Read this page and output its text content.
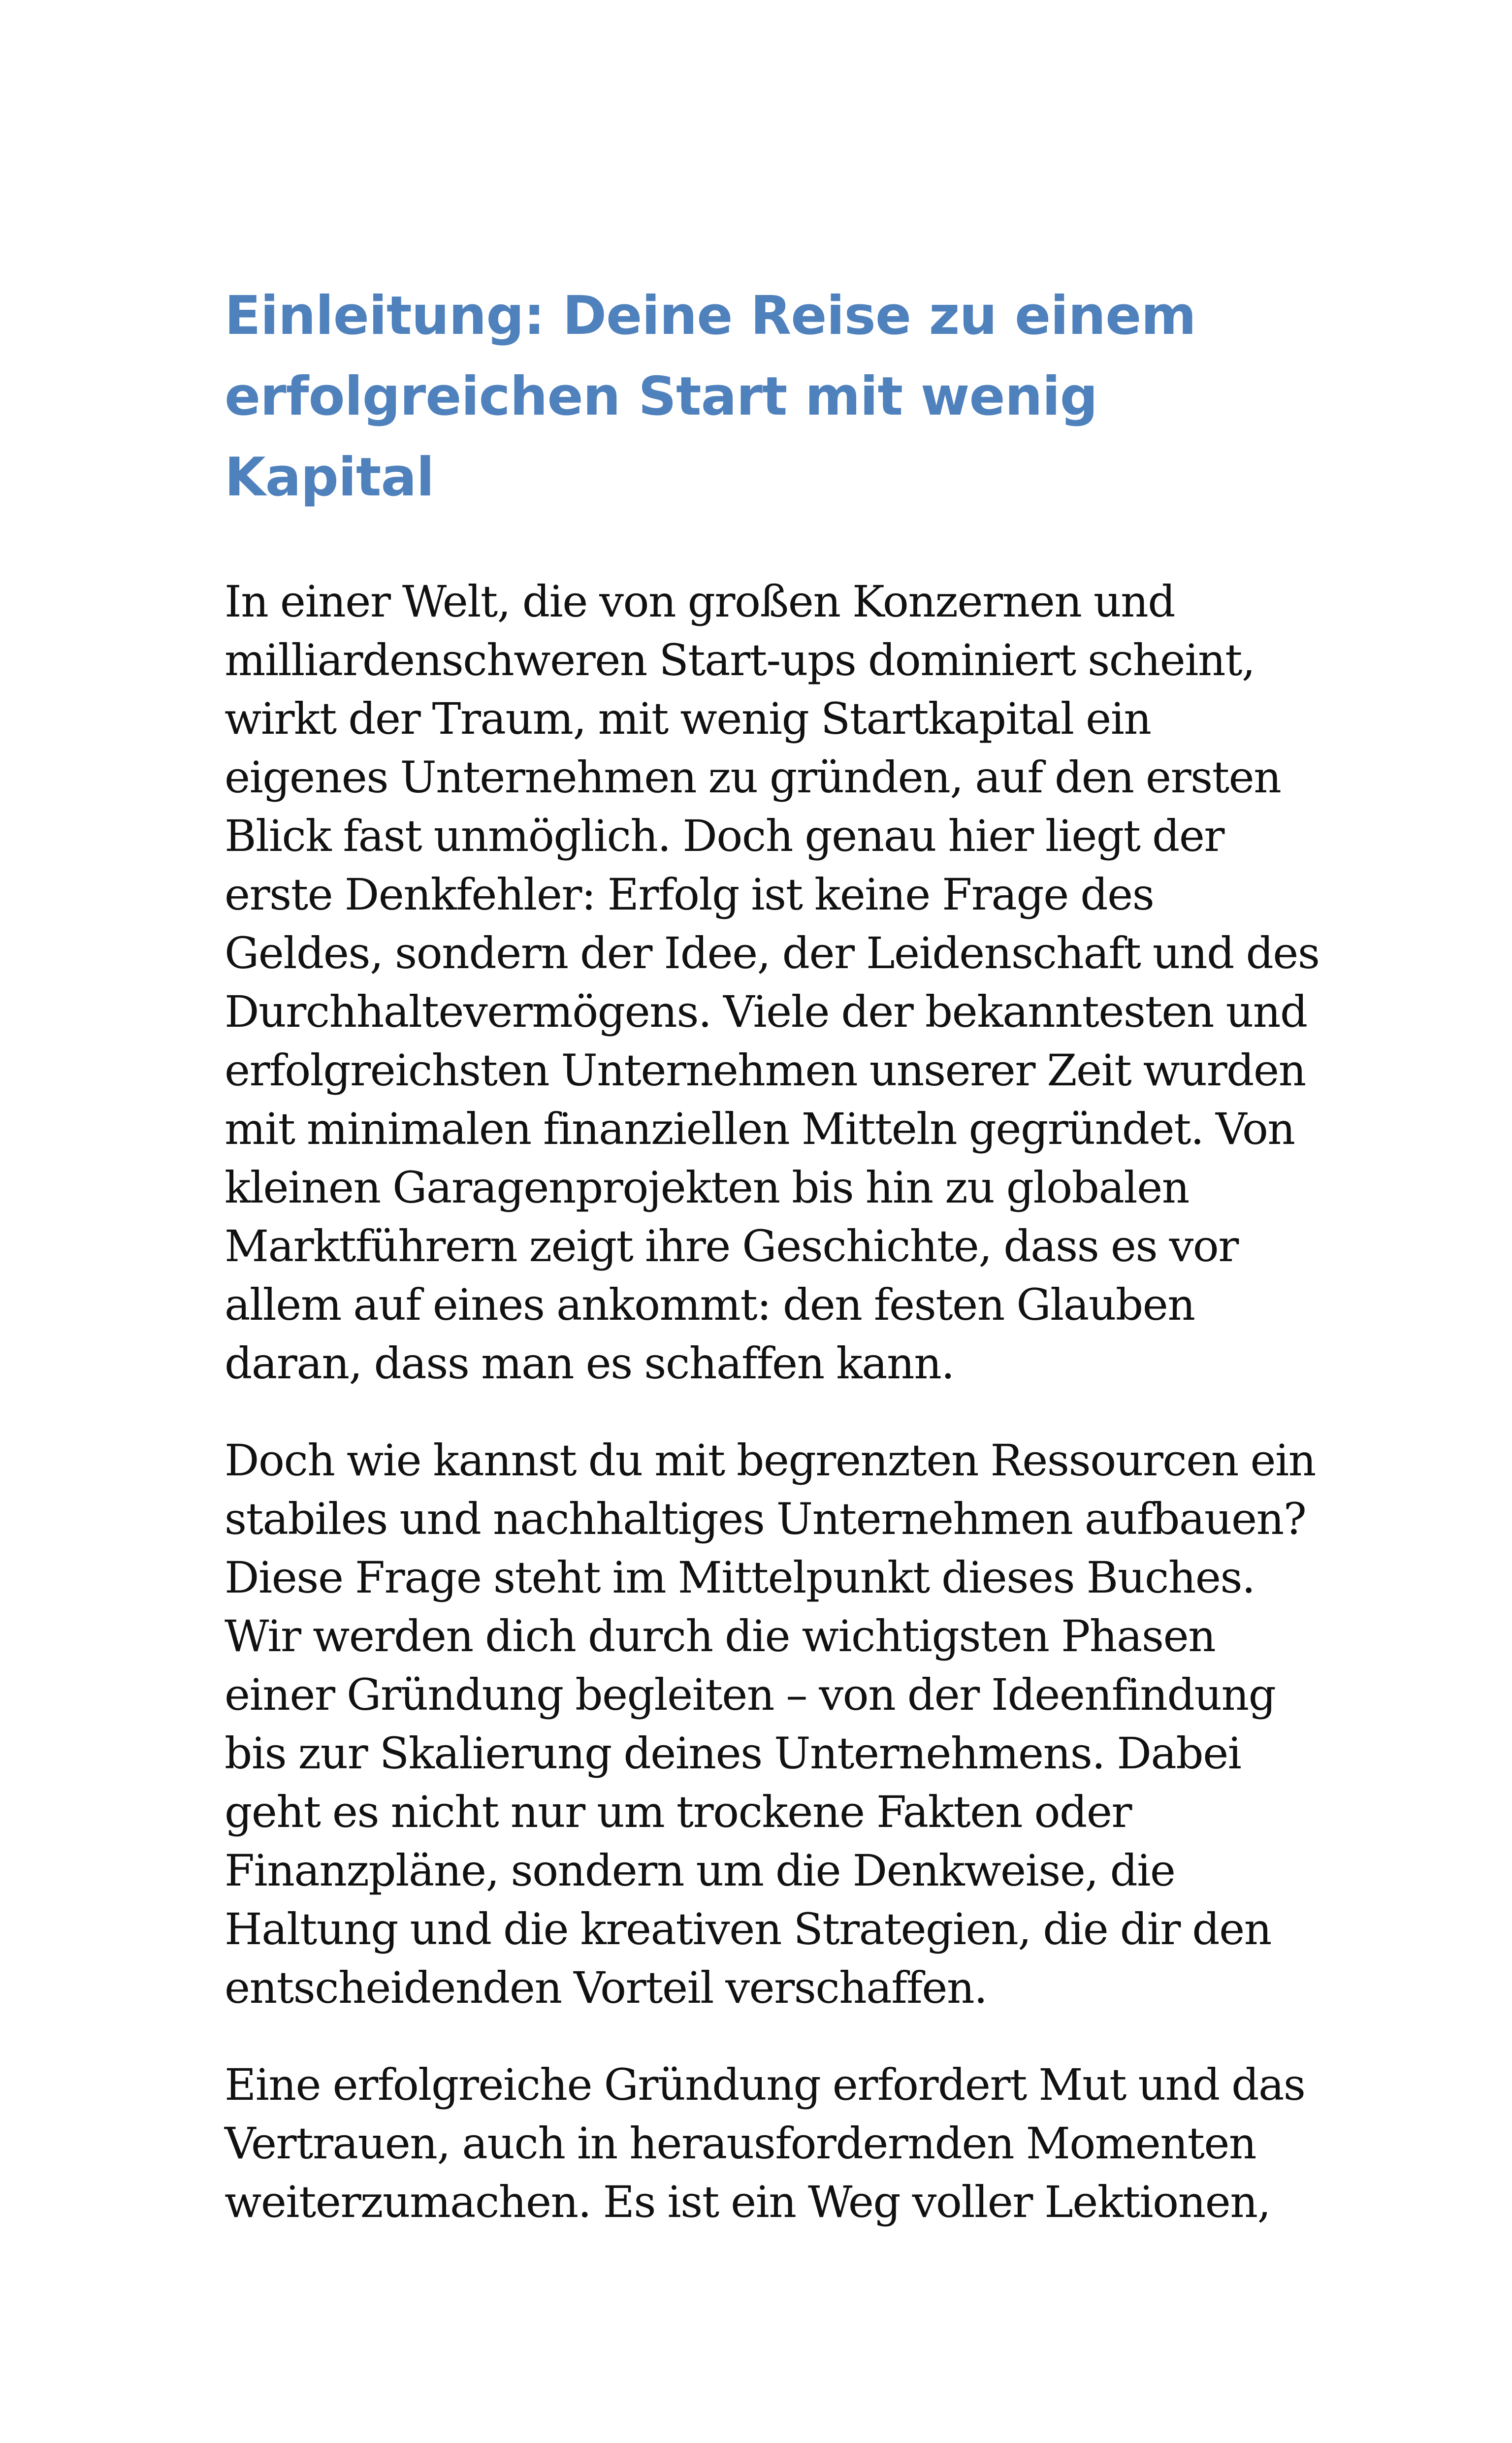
Einleitung: Deine Reise zu einem erfolgreichen Start mit wenig Kapital

In einer Welt, die von großen Konzernen und milliardenschweren Start-ups dominiert scheint, wirkt der Traum, mit wenig Startkapital ein eigenes Unternehmen zu gründen, auf den ersten Blick fast unmöglich. Doch genau hier liegt der erste Denkfehler: Erfolg ist keine Frage des Geldes, sondern der Idee, der Leidenschaft und des Durchhaltevermögens. Viele der bekanntesten und erfolgreichsten Unternehmen unserer Zeit wurden mit minimalen finanziellen Mitteln gegründet. Von kleinen Garagenprojekten bis hin zu globalen Marktführern zeigt ihre Geschichte, dass es vor allem auf eines ankommt: den festen Glauben daran, dass man es schaffen kann.

Doch wie kannst du mit begrenzten Ressourcen ein stabiles und nachhaltiges Unternehmen aufbauen? Diese Frage steht im Mittelpunkt dieses Buches. Wir werden dich durch die wichtigsten Phasen einer Gründung begleiten – von der Ideenfindung bis zur Skalierung deines Unternehmens. Dabei geht es nicht nur um trockene Fakten oder Finanzpläne, sondern um die Denkweise, die Haltung und die kreativen Strategien, die dir den entscheidenden Vorteil verschaffen.

Eine erfolgreiche Gründung erfordert Mut und das Vertrauen, auch in herausfordernden Momenten weiterzumachen. Es ist ein Weg voller Lektionen,
